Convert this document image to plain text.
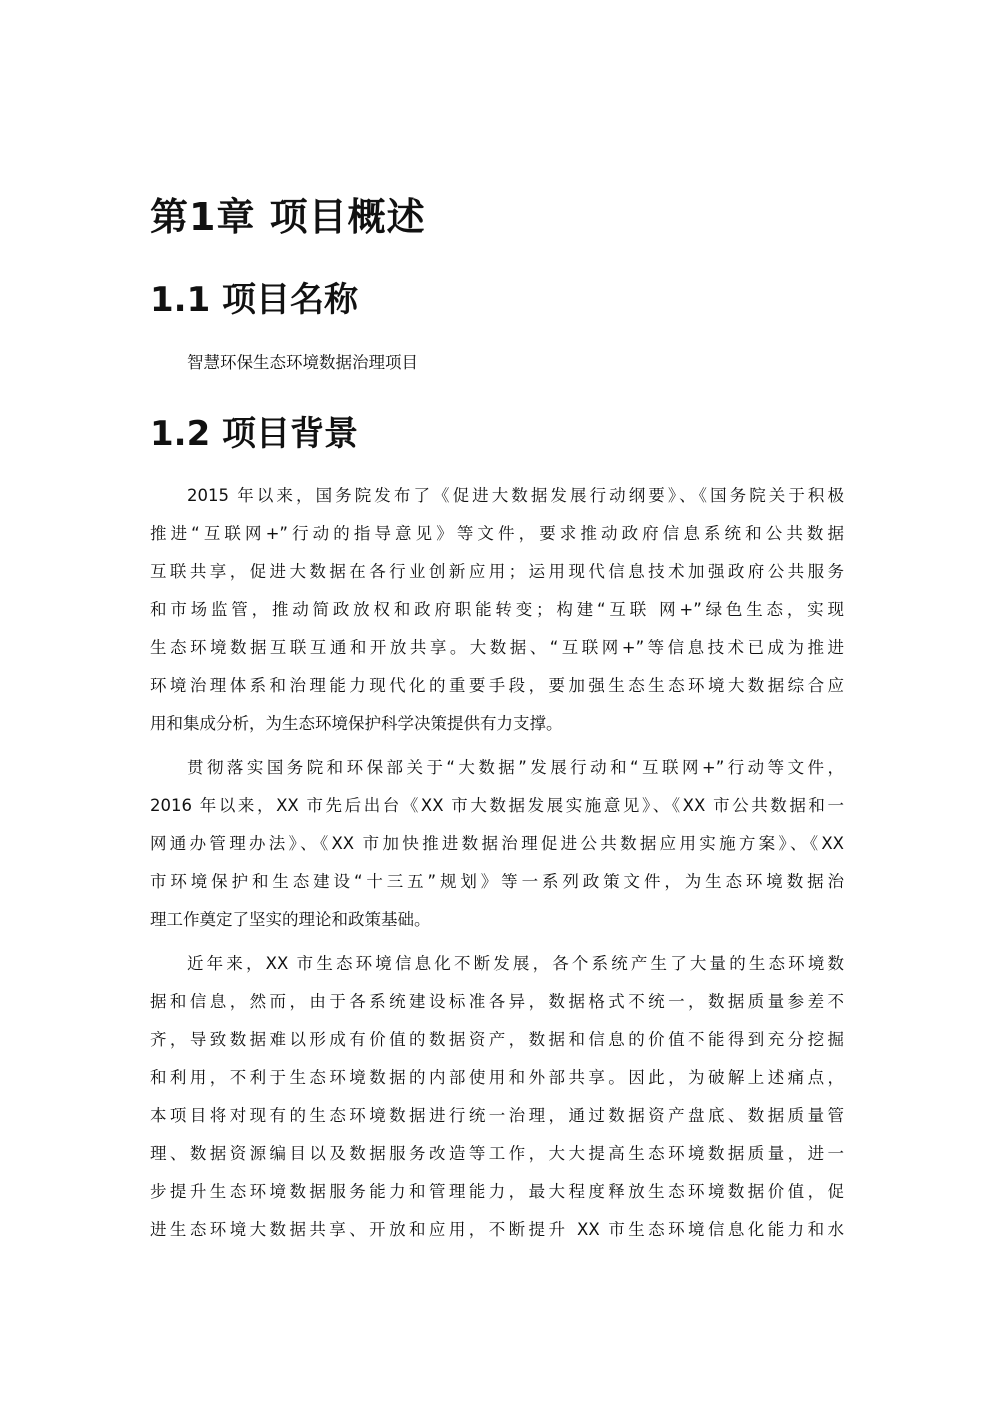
第1章 项目概述
1.1 项目名称

智慧环保生态环境数据治理项目

1.2 项目背景
2015 年以来，国务院发布了《促进大数据发展行动纲要》、《国务院关于积极
推进“互联网+”行动的指导意见》等文件，要求推动政府信息系统和公共数据
互联共享，促进大数据在各行业创新应用；运用现代信息技术加强政府公共服务
和市场监管，推动简政放权和政府职能转变；构建“互联 网+”绿色生态，实现
生态环境数据互联互通和开放共享。大数据、“互联网+”等信息技术已成为推进
环境治理体系和治理能力现代化的重要手段，要加强生态生态环境大数据综合应
用和集成分析，为生态环境保护科学决策提供有力支撑。
贯彻落实国务院和环保部关于“大数据”发展行动和“互联网+”行动等文件，
2016 年以来，XX 市先后出台《XX 市大数据发展实施意见》、《XX 市公共数据和一
网通办管理办法》、《XX 市加快推进数据治理促进公共数据应用实施方案》、《XX
市环境保护和生态建设“十三五”规划》等一系列政策文件，为生态环境数据治
理工作奠定了坚实的理论和政策基础。
近年来，XX 市生态环境信息化不断发展，各个系统产生了大量的生态环境数
据和信息，然而，由于各系统建设标准各异，数据格式不统一，数据质量参差不
齐，导致数据难以形成有价值的数据资产，数据和信息的价值不能得到充分挖掘
和利用，不利于生态环境数据的内部使用和外部共享。因此，为破解上述痛点，
本项目将对现有的生态环境数据进行统一治理，通过数据资产盘底、数据质量管
理、数据资源编目以及数据服务改造等工作，大大提高生态环境数据质量，进一
步提升生态环境数据服务能力和管理能力，最大程度释放生态环境数据价值，促
进生态环境大数据共享、开放和应用，不断提升 XX 市生态环境信息化能力和水
